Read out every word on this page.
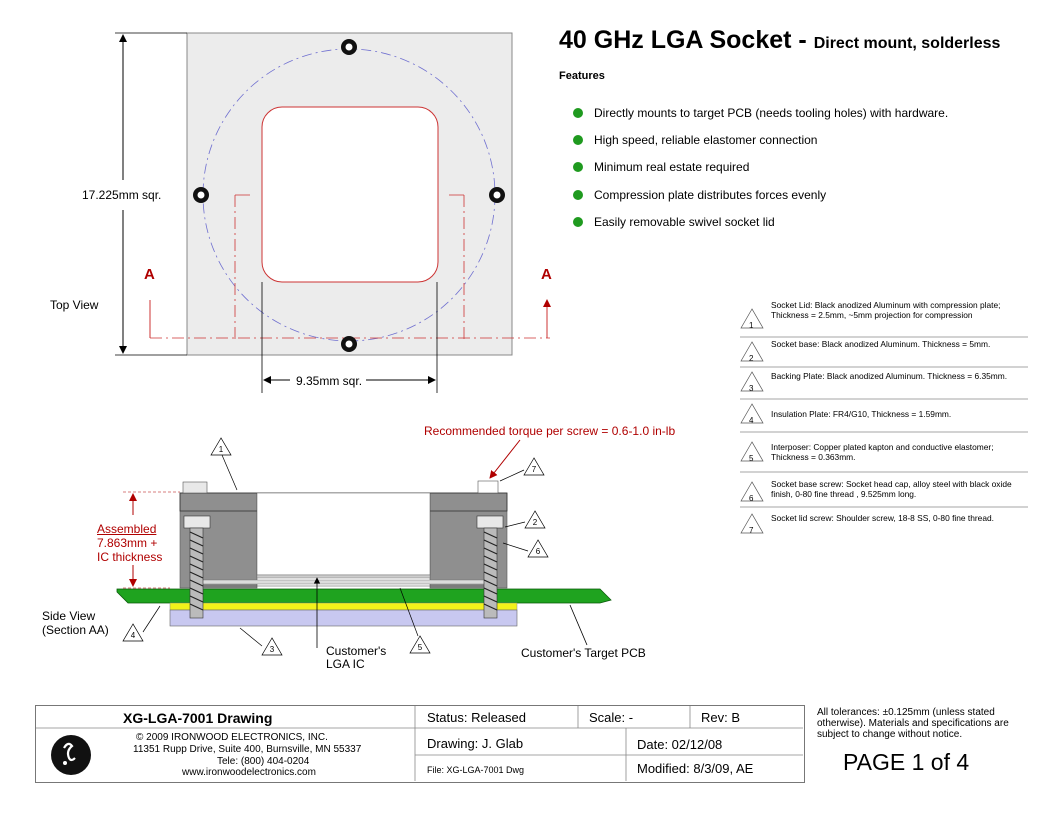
1
2
6
7
5
4
3
40 GHz LGA Socket - Direct mount, solderless
Features
Directly mounts to target PCB (needs tooling holes) with hardware.
High speed, reliable elastomer connection
Minimum real estate required
Compression plate distributes forces evenly
Easily removable swivel socket lid
17.225mm sqr.
9.35mm sqr.
Top View
A	A
Recommended torque per screw = 0.6-1.0 in-lb
Assembled
7.863mm +
IC thickness
Side View
(Section AA)
Customer's
LGA IC
Customer's Target PCB
1
Socket Lid: Black anodized Aluminum with compression plate; Thickness = 2.5mm, ~5mm projection for compression
2
Socket base: Black anodized Aluminum. Thickness = 5mm.
3
Backing Plate: Black anodized Aluminum. Thickness = 6.35mm.
4
Insulation Plate: FR4/G10, Thickness = 1.59mm.
5
Interposer: Copper plated kapton and conductive elastomer; Thickness = 0.363mm.
6
Socket base screw: Socket head cap, alloy steel with black oxide finish, 0-80 fine thread , 9.525mm long.
7
Socket lid screw: Shoulder screw, 18-8 SS, 0-80 fine thread.
XG-LGA-7001 Drawing
© 2009 IRONWOOD ELECTRONICS, INC.
11351 Rupp Drive, Suite 400, Burnsville, MN 55337
Tele: (800) 404-0204
www.ironwoodelectronics.com
Status: Released	Scale: -	Rev: B
Drawing: J. Glab	Date: 02/12/08
File: XG-LGA-7001 Dwg	Modified: 8/3/09, AE
All tolerances: ±0.125mm (unless stated otherwise). Materials and specifications are subject to change without notice.
PAGE 1 of 4
